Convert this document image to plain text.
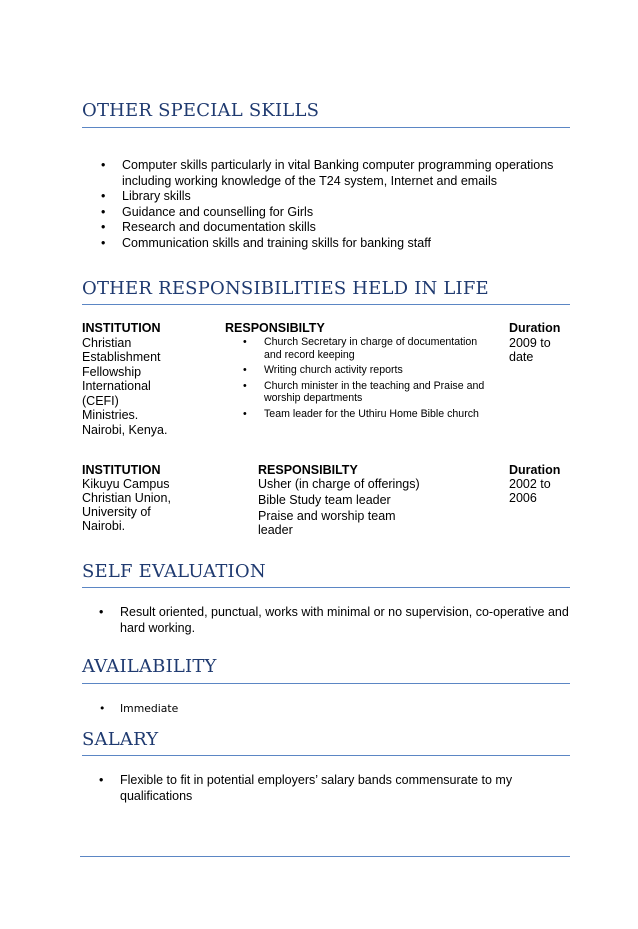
OTHER SPECIAL SKILLS
• Computer skills particularly in vital Banking computer programming operations including working knowledge of the T24 system, Internet and emails
• Library skills
• Guidance and counselling for Girls
• Research and documentation skills
• Communication skills and training skills for banking staff
OTHER RESPONSIBILITIES HELD IN LIFE
INSTITUTION
Christian
Establishment
Fellowship
International
(CEFI)
Ministries.
Nairobi, Kenya.
RESPONSIBILTY
• Church Secretary in charge of documentation and record keeping
• Writing church activity reports
• Church minister in the teaching and Praise and worship departments
• Team leader for the Uthiru Home Bible church
Duration
2009 to
date
INSTITUTION
Kikuyu Campus
Christian Union,
University of
Nairobi.
RESPONSIBILTY
Usher (in charge of offerings)
Bible Study team leader
Praise and worship team leader
Duration
2002 to
2006
SELF EVALUATION
• Result oriented, punctual, works with minimal or no supervision, co-operative and hard working.
AVAILABILITY
• Immediate
SALARY
• Flexible to fit in potential employers’ salary bands commensurate to my qualifications
